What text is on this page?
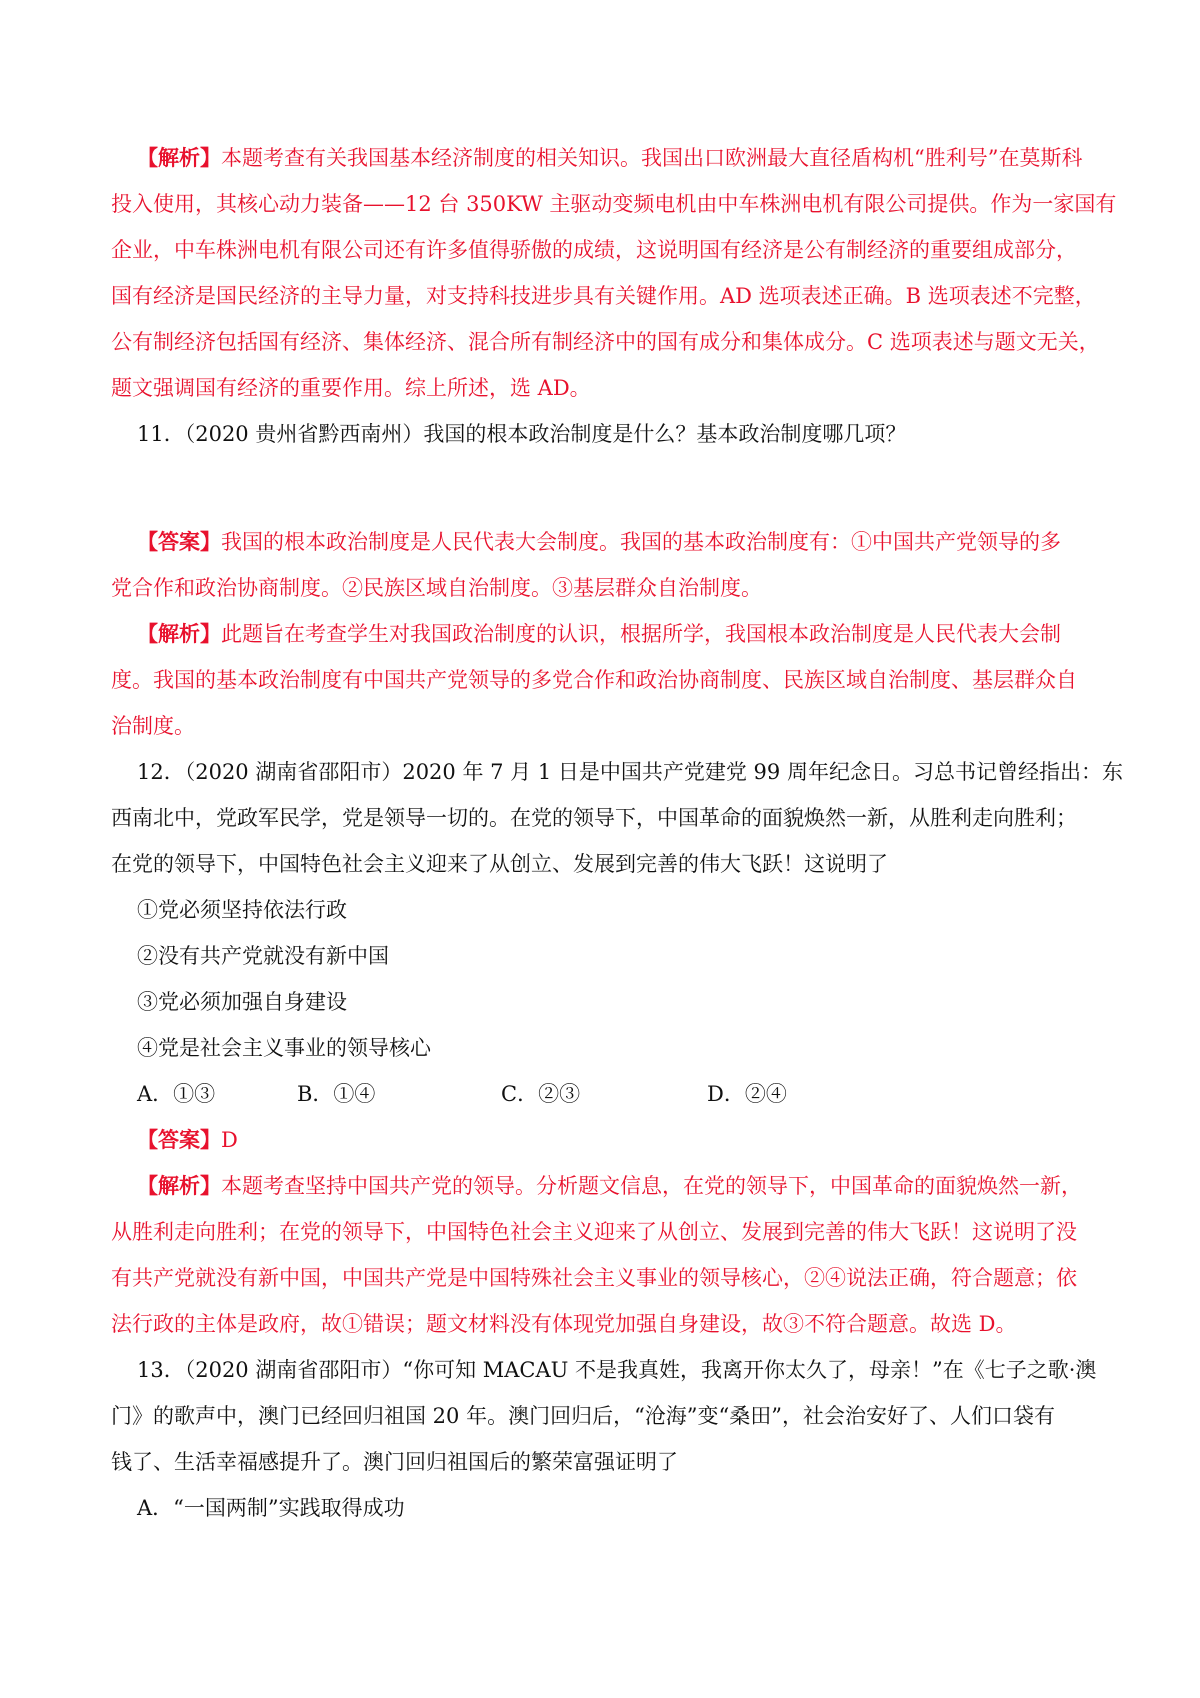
【解析】本题考查有关我国基本经济制度的相关知识。我国出口欧洲最大直径盾构机“胜利号”在莫斯科

投入使用，其核心动力装备——12 台 350KW 主驱动变频电机由中车株洲电机有限公司提供。作为一家国有

企业，中车株洲电机有限公司还有许多值得骄傲的成绩，这说明国有经济是公有制经济的重要组成部分，

国有经济是国民经济的主导力量，对支持科技进步具有关键作用。AD 选项表述正确。B 选项表述不完整，

公有制经济包括国有经济、集体经济、混合所有制经济中的国有成分和集体成分。C 选项表述与题文无关，

题文强调国有经济的重要作用。综上所述，选 AD。

11．（2020 贵州省黔西南州）我国的根本政治制度是什么？基本政治制度哪几项？

【答案】我国的根本政治制度是人民代表大会制度。我国的基本政治制度有：①中国共产党领导的多

党合作和政治协商制度。②民族区域自治制度。③基层群众自治制度。

【解析】此题旨在考查学生对我国政治制度的认识，根据所学，我国根本政治制度是人民代表大会制

度。我国的基本政治制度有中国共产党领导的多党合作和政治协商制度、民族区域自治制度、基层群众自

治制度。

12．（2020 湖南省邵阳市）2020 年 7 月 1 日是中国共产党建党 99 周年纪念日。习总书记曾经指出：东

西南北中，党政军民学，党是领导一切的。在党的领导下，中国革命的面貌焕然一新，从胜利走向胜利；

在党的领导下，中国特色社会主义迎来了从创立、发展到完善的伟大飞跃！这说明了

①党必须坚持依法行政

②没有共产党就没有新中国

③党必须加强自身建设

④党是社会主义事业的领导核心

A．①③	B．①④	C．②③	D．②④

【答案】D

【解析】本题考查坚持中国共产党的领导。分析题文信息，在党的领导下，中国革命的面貌焕然一新，

从胜利走向胜利；在党的领导下，中国特色社会主义迎来了从创立、发展到完善的伟大飞跃！这说明了没

有共产党就没有新中国，中国共产党是中国特殊社会主义事业的领导核心，②④说法正确，符合题意；依

法行政的主体是政府，故①错误；题文材料没有体现党加强自身建设，故③不符合题意。故选 D。

13．（2020 湖南省邵阳市）“你可知 MACAU 不是我真姓，我离开你太久了，母亲！”在《七子之歌·澳

门》的歌声中，澳门已经回归祖国 20 年。澳门回归后，“沧海”变“桑田”，社会治安好了、人们口袋有

钱了、生活幸福感提升了。澳门回归祖国后的繁荣富强证明了

A．“一国两制”实践取得成功
